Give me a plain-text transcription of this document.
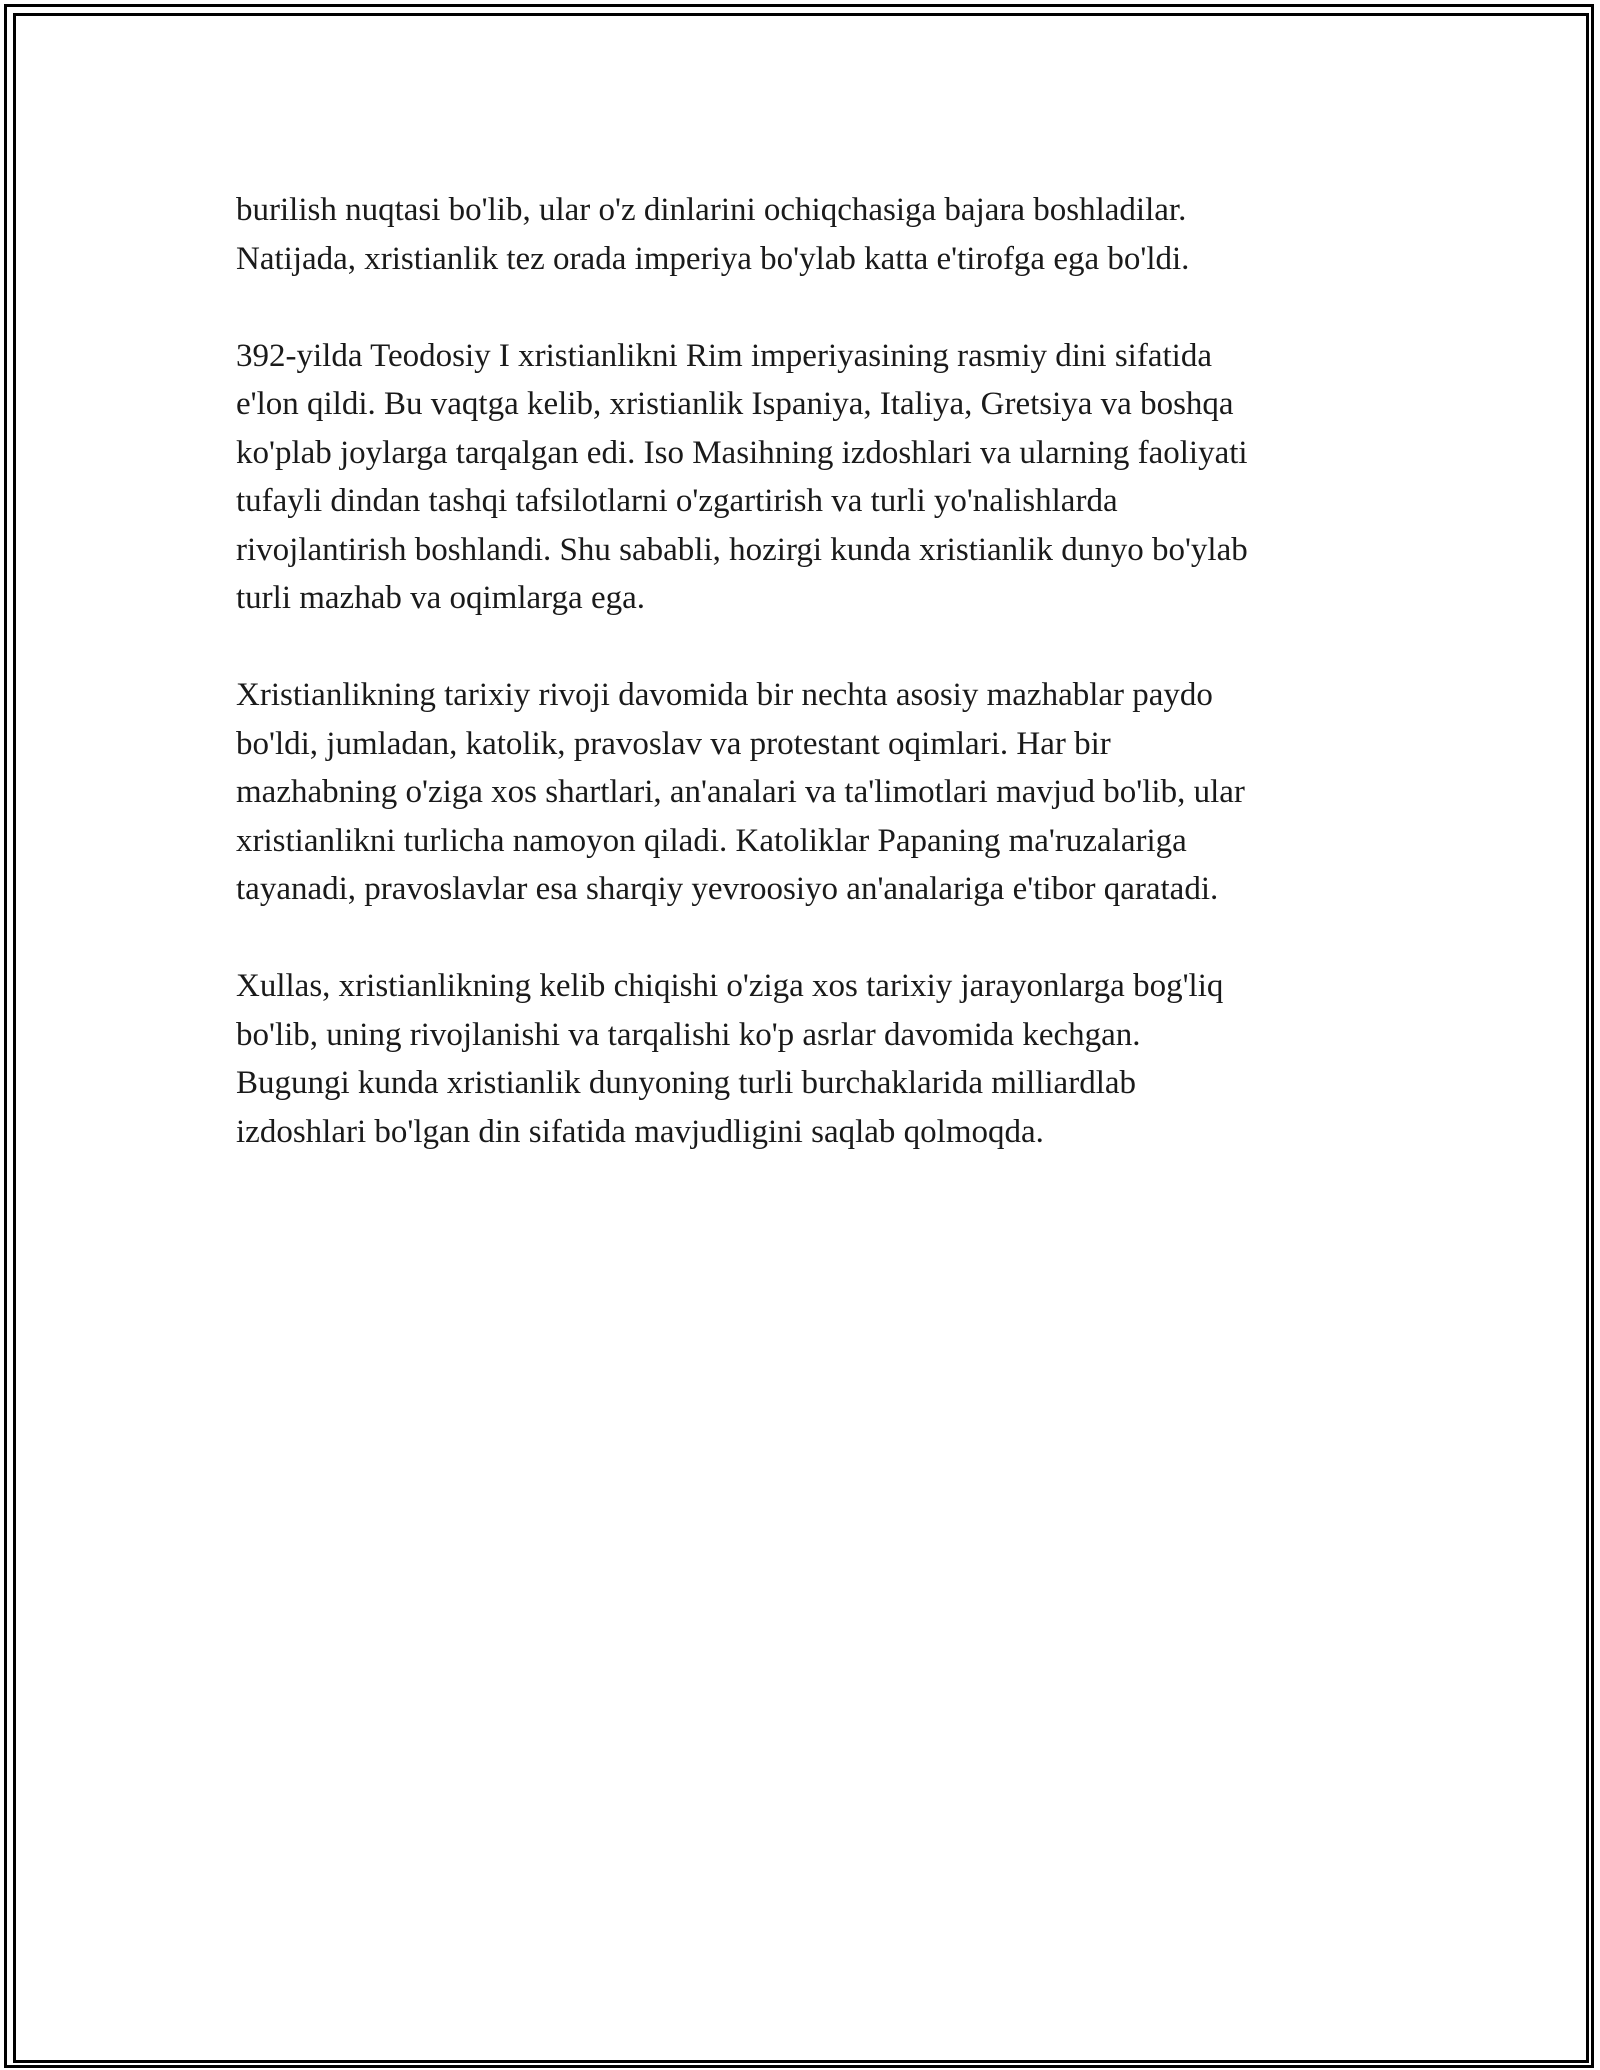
burilish nuqtasi bo'lib, ular o'z dinlarini ochiqchasiga bajara boshladilar.
Natijada, xristianlik tez orada imperiya bo'ylab katta e'tirofga ega bo'ldi.
392-yilda Teodosiy I xristianlikni Rim imperiyasining rasmiy dini sifatida
e'lon qildi. Bu vaqtga kelib, xristianlik Ispaniya, Italiya, Gretsiya va boshqa
ko'plab joylarga tarqalgan edi. Iso Masihning izdoshlari va ularning faoliyati
tufayli dindan tashqi tafsilotlarni o'zgartirish va turli yo'nalishlarda
rivojlantirish boshlandi. Shu sababli, hozirgi kunda xristianlik dunyo bo'ylab
turli mazhab va oqimlarga ega.
Xristianlikning tarixiy rivoji davomida bir nechta asosiy mazhablar paydo
bo'ldi, jumladan, katolik, pravoslav va protestant oqimlari. Har bir
mazhabning o'ziga xos shartlari, an'analari va ta'limotlari mavjud bo'lib, ular
xristianlikni turlicha namoyon qiladi. Katoliklar Papaning ma'ruzalariga
tayanadi, pravoslavlar esa sharqiy yevroosiyo an'analariga e'tibor qaratadi.
Xullas, xristianlikning kelib chiqishi o'ziga xos tarixiy jarayonlarga bog'liq
bo'lib, uning rivojlanishi va tarqalishi ko'p asrlar davomida kechgan.
Bugungi kunda xristianlik dunyoning turli burchaklarida milliardlab
izdoshlari bo'lgan din sifatida mavjudligini saqlab qolmoqda.
